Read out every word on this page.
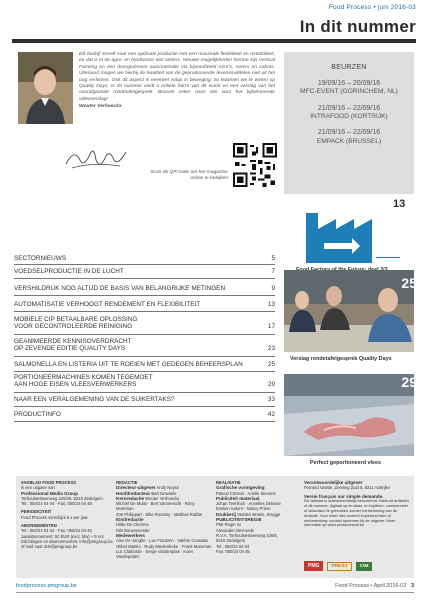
Food Process • juni 2016-03
In dit nummer
Elk bedrijf streeft naar een optimale productie met een maximale flexibiliteit en rentabiliteit, en dat is in de agro- en foodsector niet anders. Nieuwe mogelijkheden hiertoe zijn Vertical Farming en een doorgedreven automatisatie via bijvoorbeeld AGV's, rovers en cobots. Uiteraard mogen we hierbij de kwaliteit van de geproduceerde levensmiddelen niet uit het oog verliezen. Ook dit aspect is evenwel volop in beweging, zo kwamen we te weten op Quality Days. Is dit nummer vindt u enkele foto's van dit event en een verslag van het voorafgaande rondetafelgesprek. Bezoek zeker onze site voor het bijbehorende videoverslag!
Wouter Verhoeckx
Scan de QR-code om het magazine online te bekijken
BEURZEN
19/09/16 – 20/09/16
MFC-EVENT (GORINCHEM, NL)
21/09/16 – 22/09/16
INTRAFOOD (KORTRIJK)
21/09/16 – 22/09/16
EMPACK (BRUSSEL)
SECTORNIEUWS	5
VOEDSELPRODUCTIE IN DE LUCHT	7
VERSHILDRUK NOG ALTIJD DE BASIS VAN BELANGRIJKE METINGEN	9
AUTOMATISATIE VERHOOGT RENDEMENT EN FLEXIBILITEIT	13
MOBIELE CIP BETAALBARE OPLOSSING
VOOR GECONTROLEERDE REINIGING	17
GEANIMEERDE KENNISOVERDRACHT
OP ZEVENDE EDITIE QUALITY DAYS	23
SALMONELLA EN LISTERIA UIT TE ROEIEN MET GEDEGEN BEHEERSPLAN	25
PORTIONEERMACHINES KOMEN TEGEMOET
AAN HOGE EISEN VLEESVERWERKERS	29
NAAR EEN VERALGEMENING VAN DE SUIKERTAKS?	33
PRODUCTINFO	42
13
25
Verslag rondetafelgesprek Quality Days
29
Perfect geportioneerd vlees
VAKBLAD FOOD PROCESS
is een uitgave van
Professional Media Group
Torhoutsesteenweg 226/26, 8210 Zedelgem
Tel.: 050/24 04 04 - Fax: 050/24 04 45
PERIODICITEIT
Food Process verschijnt 5 x per jaar
ABONNEMENTEN
Tel.: 050/24 04 04 - Fax: 050/24 04 45
Jaarabonnement: 50 EUR (excl. btw) + 5 nrs
Inlichtingen en abonnementen: info@pmgroup.be
of mail naar ddv@pmgroup.be
REDACTIE
Directeur-uitgever Andy Noyez
Hoofdredacteur Bart Dewaele
Kernredactie Wouter Verhoeckx
Michiel De Muite · Bert Vanneeschi · Rony Moerman
Zoë Philippart · Elke Roorssy · Mathias Robbe
Eindredactie
Hilde De Clemme
Nils Bouwmeester
Medewerkers
Alex De Jonghe · Luc Frantzen · Valérie Cousaka
Olibet Martini · Rudy Meelenbeke · Frank Moerman
Luc Claiborde · Serge Vandenplas · Koen Vandeputten
REALISATIE
Grafische vormgeving
Pascal Clerson · Anelle Stevens
Publiciteit materiaal
Johan Teerlinck · Annelies Delosse
Evelien Selent · Nancy Priem
Drukkerij Vanden Broele, Brugge

PUBLICITEITSREGIE
PMI Regie nv
Alexander Devroede
R.V.A. Torhoutsesteenweg 226/5,
8210 Zedelgem
Tel.: 050/24 04 04
Fax: 050/24 04 45
Verantwoordelijke uitgever
Ferrand Vansie, Zeeweg Zuid 5, 8211 Aartrijke
Versie français sur simple demande.
Dit vakblad is auteursrechtelijk beschermd. Niets uit artikelen of dit nummer, digitaal op te slaan, te kopiëren, commercieel of didactisch te gebruiken zonder toestemming van de redactie. Voor meer info omtrent kopieerrechten of medewerking: contact opnemen bij de uitgever. Meer informatie op www.pressconsult.be
PMG	PRESS	CIM
foodprocess.pmgroup.be	Food Process • April 2016-02 3
